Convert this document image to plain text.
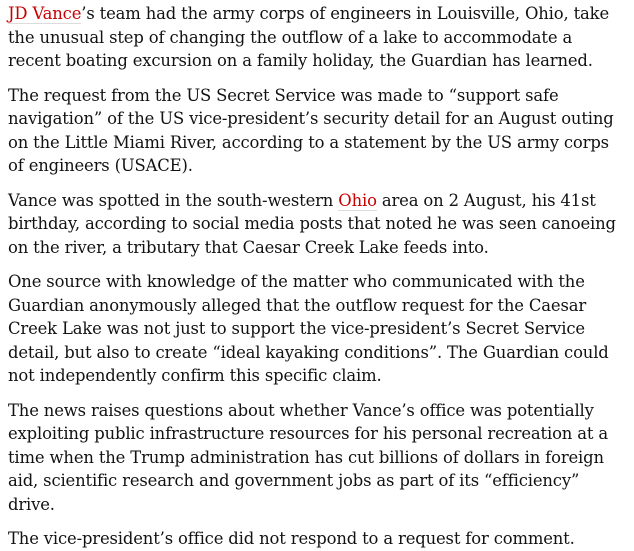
JD Vance’s team had the army corps of engineers in Louisville, Ohio, take the unusual step of changing the outflow of a lake to accommodate a recent boating excursion on a family holiday, the Guardian has learned.

The request from the US Secret Service was made to “support safe navigation” of the US vice-president’s security detail for an August outing on the Little Miami River, according to a statement by the US army corps of engineers (USACE).

Vance was spotted in the south-western Ohio area on 2 August, his 41st birthday, according to social media posts that noted he was seen canoeing on the river, a tributary that Caesar Creek Lake feeds into.

One source with knowledge of the matter who communicated with the Guardian anonymously alleged that the outflow request for the Caesar Creek Lake was not just to support the vice-president’s Secret Service detail, but also to create “ideal kayaking conditions”. The Guardian could not independently confirm this specific claim.

The news raises questions about whether Vance’s office was potentially exploiting public infrastructure resources for his personal recreation at a time when the Trump administration has cut billions of dollars in foreign aid, scientific research and government jobs as part of its “efficiency” drive.

The vice-president’s office did not respond to a request for comment.
